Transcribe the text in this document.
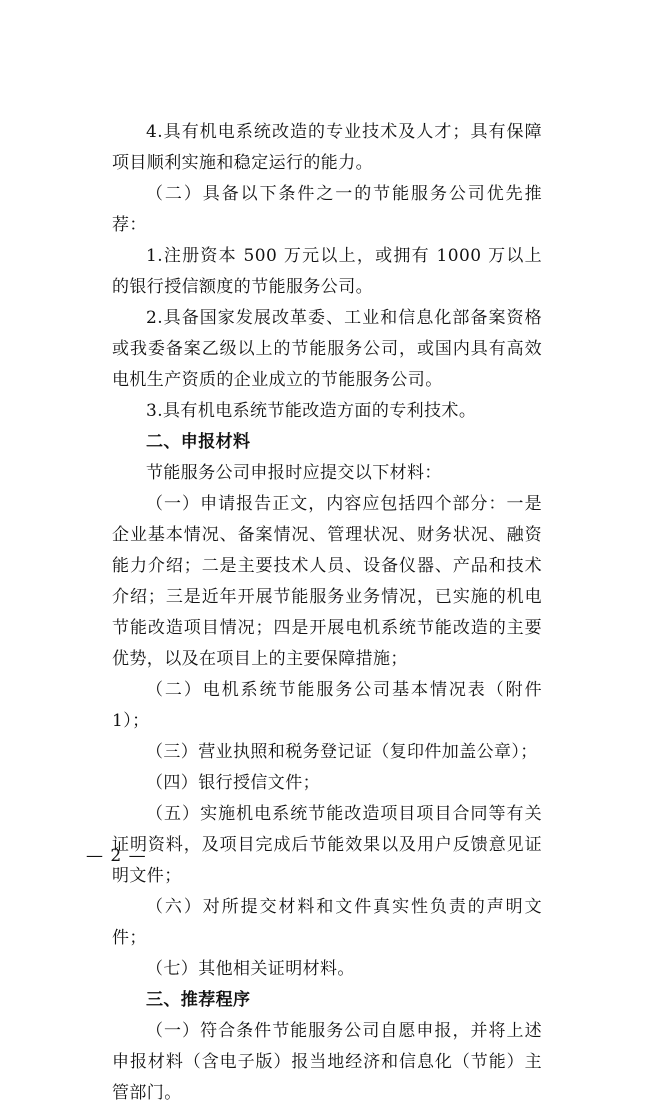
4.具有机电系统改造的专业技术及人才；具有保障项目顺利实施和稳定运行的能力。

（二）具备以下条件之一的节能服务公司优先推荐：

1.注册资本 500 万元以上，或拥有 1000 万以上的银行授信额度的节能服务公司。

2.具备国家发展改革委、工业和信息化部备案资格或我委备案乙级以上的节能服务公司，或国内具有高效电机生产资质的企业成立的节能服务公司。

3.具有机电系统节能改造方面的专利技术。

二、申报材料

节能服务公司申报时应提交以下材料：

（一）申请报告正文，内容应包括四个部分：一是企业基本情况、备案情况、管理状况、财务状况、融资能力介绍；二是主要技术人员、设备仪器、产品和技术介绍；三是近年开展节能服务业务情况，已实施的机电节能改造项目情况；四是开展电机系统节能改造的主要优势，以及在项目上的主要保障措施；

（二）电机系统节能服务公司基本情况表（附件1）；

（三）营业执照和税务登记证（复印件加盖公章）；

（四）银行授信文件；

（五）实施机电系统节能改造项目项目合同等有关证明资料，及项目完成后节能效果以及用户反馈意见证明文件；

（六）对所提交材料和文件真实性负责的声明文件；

（七）其他相关证明材料。

三、推荐程序

（一）符合条件节能服务公司自愿申报，并将上述申报材料（含电子版）报当地经济和信息化（节能）主管部门。

— 2 —
